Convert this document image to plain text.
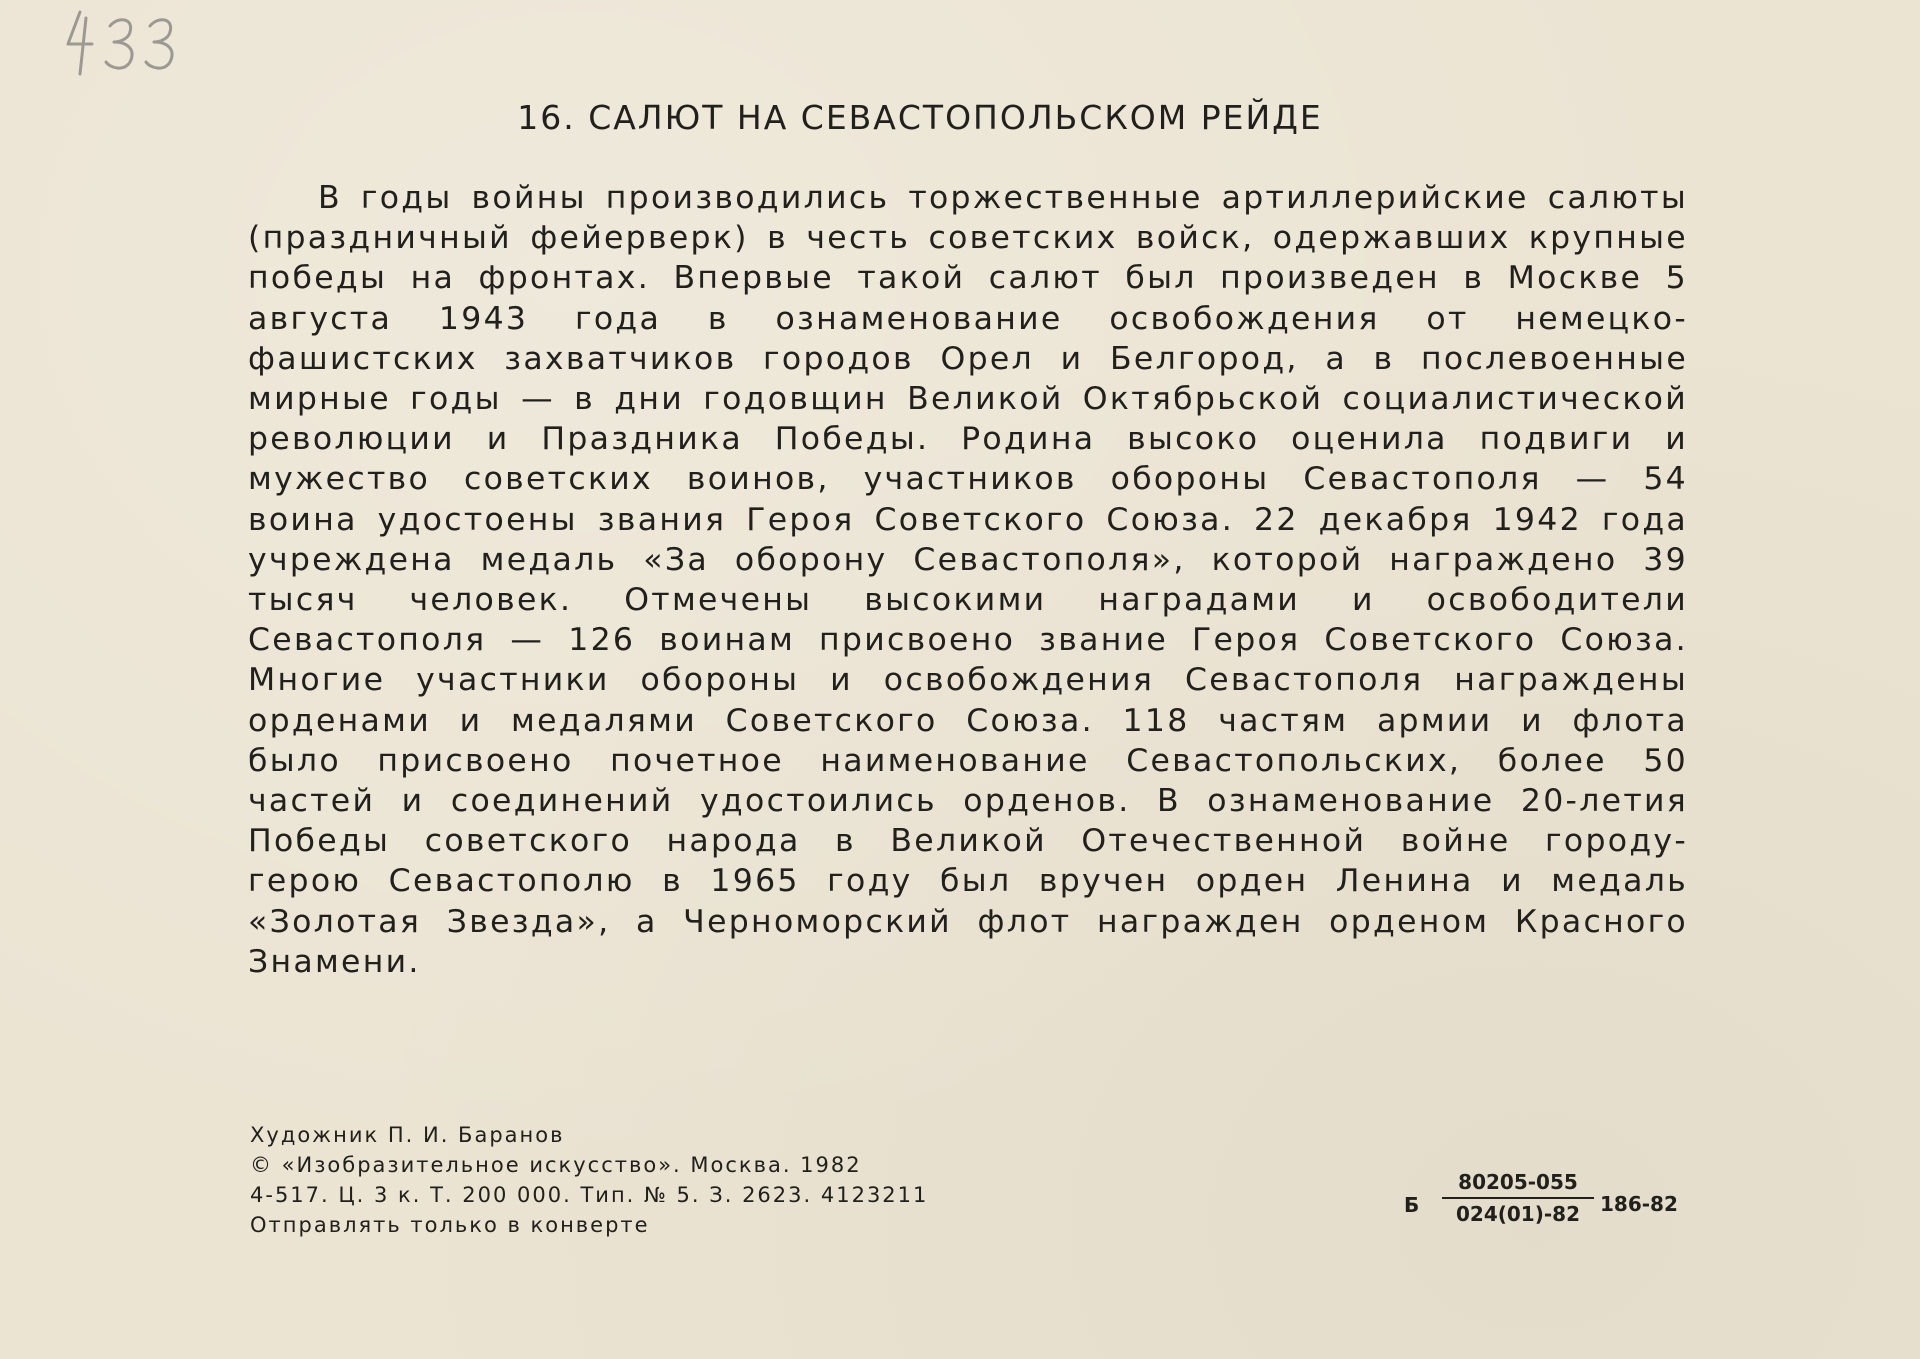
16. САЛЮТ НА СЕВАСТОПОЛЬСКОМ РЕЙДЕ

В годы войны производились торжественные артиллерийские салюты (праздничный фейерверк) в честь советских войск, одержавших крупные победы на фронтах. Впервые такой салют был произведен в Москве 5 августа 1943 года в ознаменование освобождения от немецко-фашистских захватчиков городов Орел и Белгород, а в послевоенные мирные годы — в дни годовщин Великой Октябрьской социалистической революции и Праздника Победы. Родина высоко оценила подвиги и мужество советских воинов, участников обороны Севастополя — 54 воина удостоены звания Героя Советского Союза. 22 декабря 1942 года учреждена медаль «За оборону Севастополя», которой награждено 39 тысяч человек. Отмечены высокими наградами и освободители Севастополя — 126 воинам присвоено звание Героя Советского Союза. Многие участники обороны и освобождения Севастополя награждены орденами и медалями Советского Союза. 118 частям армии и флота было присвоено почетное наименование Севастопольских, более 50 частей и соединений удостоились орденов. В ознаменование 20-летия Победы советского народа в Великой Отечественной войне городу-герою Севастополю в 1965 году был вручен орден Ленина и медаль «Золотая Звезда», а Черноморский флот награжден орденом Красного Знамени.

Художник П. И. Баранов
© «Изобразительное искусство». Москва. 1982
4-517. Ц. 3 к. Т. 200 000. Тип. № 5. З. 2623. 4123211
Отправлять только в конверте
Б $\frac{80205-055}{024(01)-82} 186-82$
